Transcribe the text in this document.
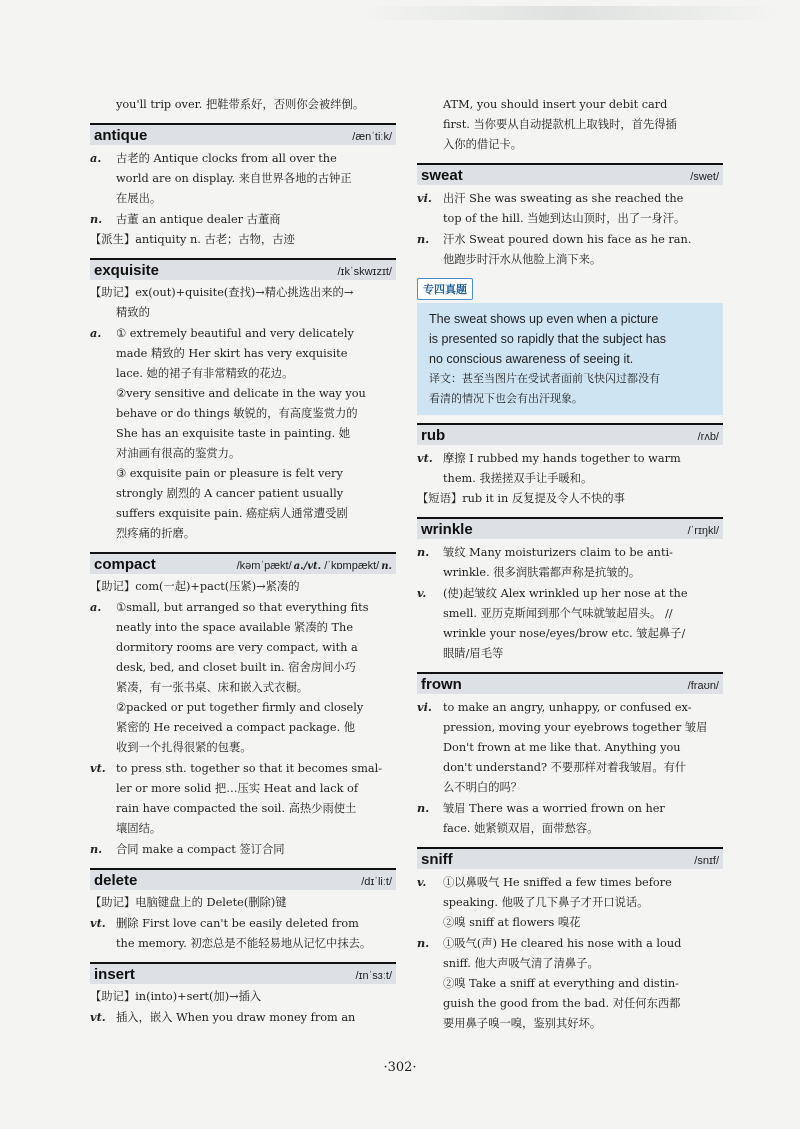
you'll trip over. 把鞋带系好，否则你会被绊倒。
antique	/ænˈtiːk/
a. 古老的 Antique clocks from all over the
world are on display. 来自世界各地的古钟正
在展出。
n. 古董 an antique dealer 古董商
【派生】antiquity n. 古老；古物，古迹
exquisite	/ɪkˈskwɪzɪt/
【助记】ex(out)+quisite(查找)→精心挑选出来的→
精致的
a. ① extremely beautiful and very delicately
made 精致的 Her skirt has very exquisite
lace. 她的裙子有非常精致的花边。
②very sensitive and delicate in the way you
behave or do things 敏锐的，有高度鉴赏力的
She has an exquisite taste in painting. 她
对油画有很高的鉴赏力。
③ exquisite pain or pleasure is felt very
strongly 剧烈的 A cancer patient usually
suffers exquisite pain. 癌症病人通常遭受剧
烈疼痛的折磨。
compact	/kəmˈpækt/ a./vt. /ˈkɒmpækt/ n.
【助记】com(一起)+pact(压紧)→紧凑的
a. ①small, but arranged so that everything fits
neatly into the space available 紧凑的 The
dormitory rooms are very compact, with a
desk, bed, and closet built in. 宿舍房间小巧
紧凑，有一张书桌、床和嵌入式衣橱。
②packed or put together firmly and closely
紧密的 He received a compact package. 他
收到一个扎得很紧的包裹。
vt. to press sth. together so that it becomes smal-
ler or more solid 把…压实 Heat and lack of
rain have compacted the soil. 高热少雨使土
壤固结。
n. 合同 make a compact 签订合同
delete	/dɪˈliːt/
【助记】电脑键盘上的 Delete(删除)键
vt. 删除 First love can't be easily deleted from
the memory. 初恋总是不能轻易地从记忆中抹去。
insert	/ɪnˈsɜːt/
【助记】in(into)+sert(加)→插入
vt. 插入，嵌入 When you draw money from an
ATM, you should insert your debit card
first. 当你要从自动提款机上取钱时，首先得插
入你的借记卡。
sweat	/swet/
vi. 出汗 She was sweating as she reached the
top of the hill. 当她到达山顶时，出了一身汗。
n. 汗水 Sweat poured down his face as he ran.
他跑步时汗水从他脸上淌下来。
专四真题
The sweat shows up even when a picture
is presented so rapidly that the subject has
no conscious awareness of seeing it.
译文：甚至当图片在受试者面前飞快闪过都没有
看清的情况下也会有出汗现象。
rub	/rʌb/
vt. 摩擦 I rubbed my hands together to warm
them. 我搓搓双手让手暖和。
【短语】rub it in 反复提及令人不快的事
wrinkle	/ˈrɪŋkl/
n. 皱纹 Many moisturizers claim to be anti-
wrinkle. 很多润肤霜都声称是抗皱的。
v. (使)起皱纹 Alex wrinkled up her nose at the
smell. 亚历克斯闻到那个气味就皱起眉头。 //
wrinkle your nose/eyes/brow etc. 皱起鼻子/
眼睛/眉毛等
frown	/fraʊn/
vi. to make an angry, unhappy, or confused ex-
pression, moving your eyebrows together 皱眉
Don't frown at me like that. Anything you
don't understand? 不要那样对着我皱眉。有什
么不明白的吗？
n. 皱眉 There was a worried frown on her
face. 她紧锁双眉，面带愁容。
sniff	/snɪf/
v. ①以鼻吸气 He sniffed a few times before
speaking. 他吸了几下鼻子才开口说话。
②嗅 sniff at flowers 嗅花
n. ①吸气(声) He cleared his nose with a loud
sniff. 他大声吸气清了清鼻子。
②嗅 Take a sniff at everything and distin-
guish the good from the bad. 对任何东西都
要用鼻子嗅一嗅，鉴别其好坏。
·302·
